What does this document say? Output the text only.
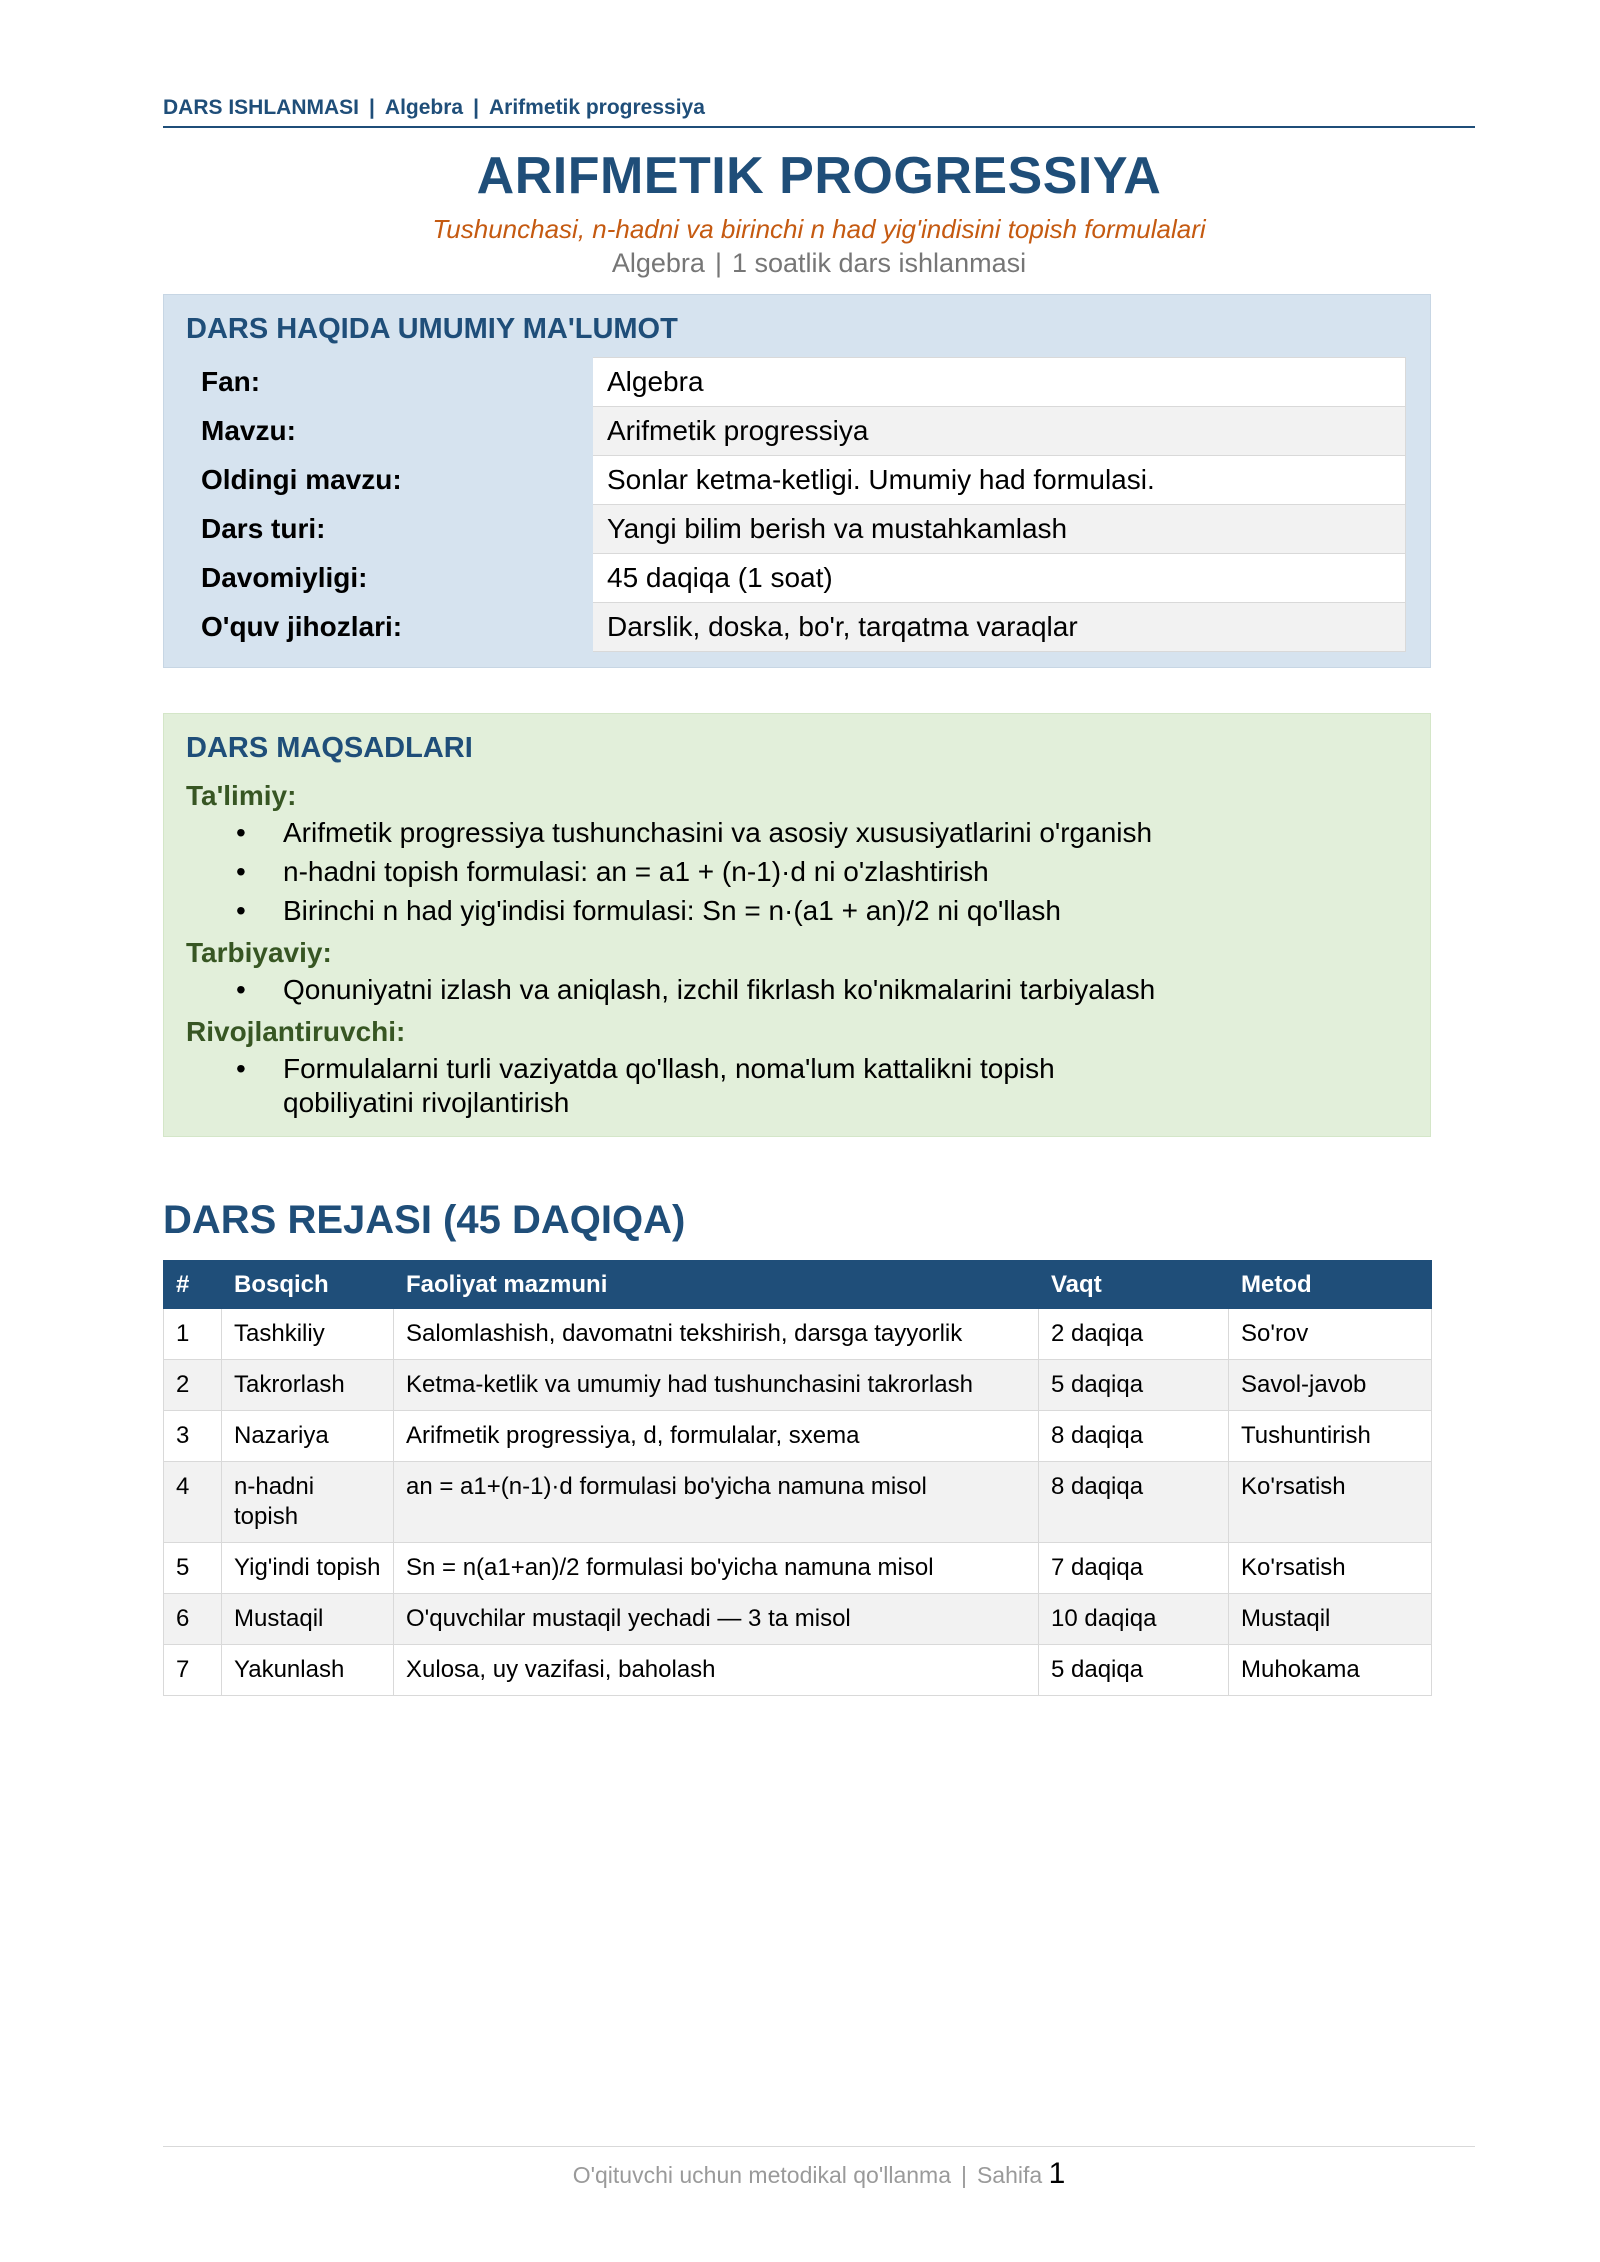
DARS ISHLANMASI | Algebra | Arifmetik progressiya
ARIFMETIK PROGRESSIYA
Tushunchasi, n-hadni va birinchi n had yig'indisini topish formulalari
Algebra | 1 soatlik dars ishlanmasi
DARS HAQIDA UMUMIY MA'LUMOT
Fan:	Algebra
Mavzu:	Arifmetik progressiya
Oldingi mavzu:	Sonlar ketma-ketligi. Umumiy had formulasi.
Dars turi:	Yangi bilim berish va mustahkamlash
Davomiyligi:	45 daqiqa (1 soat)
O'quv jihozlari:	Darslik, doska, bo'r, tarqatma varaqlar
DARS MAQSADLARI
Ta'limiy:
• Arifmetik progressiya tushunchasini va asosiy xususiyatlarini o'rganish
• n-hadni topish formulasi: an = a1 + (n-1)·d ni o'zlashtirish
• Birinchi n had yig'indisi formulasi: Sn = n·(a1 + an)/2 ni qo'llash
Tarbiyaviy:
• Qonuniyatni izlash va aniqlash, izchil fikrlash ko'nikmalarini tarbiyalash
Rivojlantiruvchi:
• Formulalarni turli vaziyatda qo'llash, noma'lum kattalikni topish qobiliyatini rivojlantirish
DARS REJASI (45 DAQIQA)
#	Bosqich	Faoliyat mazmuni	Vaqt	Metod
1	Tashkiliy	Salomlashish, davomatni tekshirish, darsga tayyorlik	2 daqiqa	So'rov
2	Takrorlash	Ketma-ketlik va umumiy had tushunchasini takrorlash	5 daqiqa	Savol-javob
3	Nazariya	Arifmetik progressiya, d, formulalar, sxema	8 daqiqa	Tushuntirish
4	n-hadni topish	an = a1+(n-1)·d formulasi bo'yicha namuna misol	8 daqiqa	Ko'rsatish
5	Yig'indi topish	Sn = n(a1+an)/2 formulasi bo'yicha namuna misol	7 daqiqa	Ko'rsatish
6	Mustaqil	O'quvchilar mustaqil yechadi — 3 ta misol	10 daqiqa	Mustaqil
7	Yakunlash	Xulosa, uy vazifasi, baholash	5 daqiqa	Muhokama
O'qituvchi uchun metodikal qo'llanma | Sahifa 1
